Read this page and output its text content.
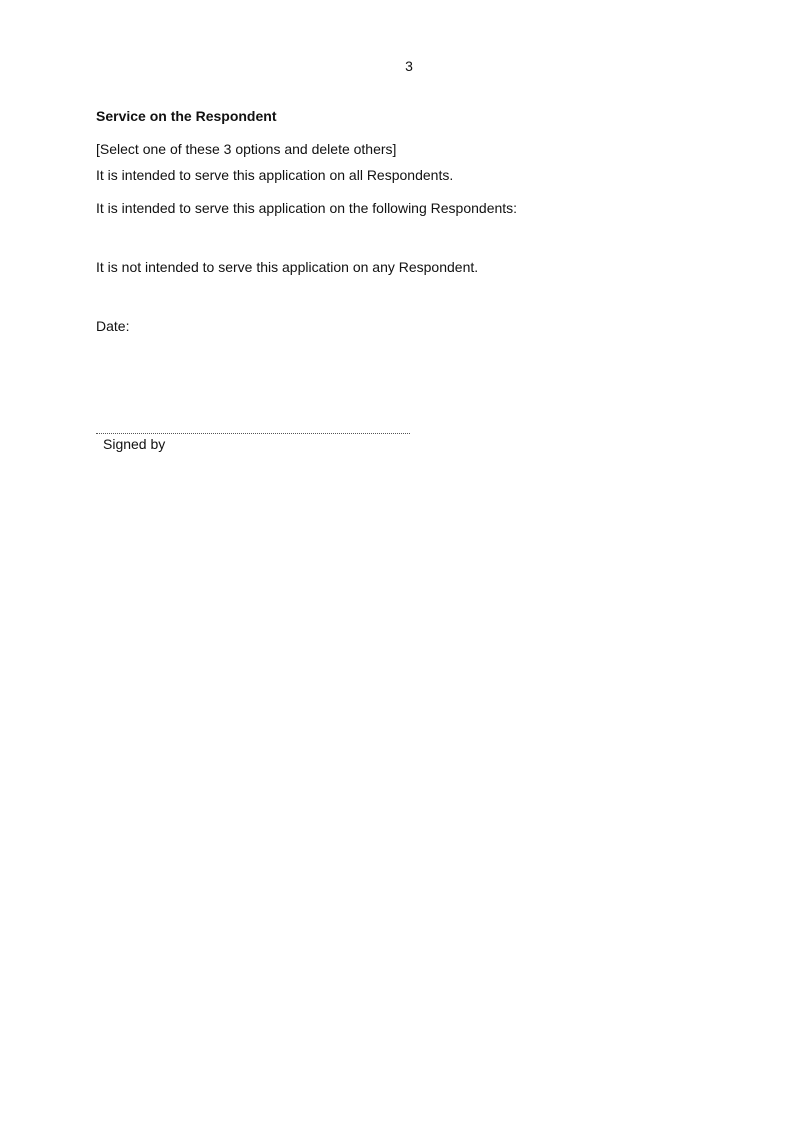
3
Service on the Respondent
[Select one of these 3 options and delete others]
It is intended to serve this application on all Respondents.
It is intended to serve this application on the following Respondents:
It is not intended to serve this application on any Respondent.
Date:
Signed by
